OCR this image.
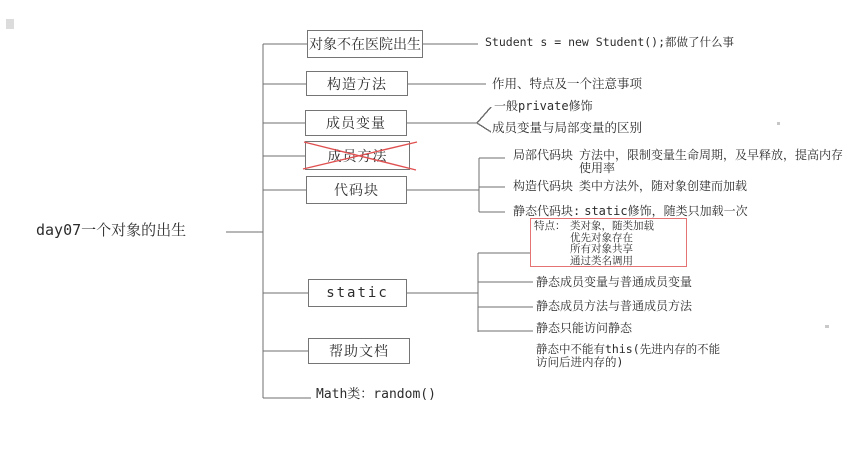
day07一个对象的出生
对象不在医院出生
构造方法
成员变量
成员方法
代码块
static
帮助文档
Student s = new Student();都做了什么事
作用、特点及一个注意事项
一般private修饰
成员变量与局部变量的区别
局部代码块 方法中，限制变量生命周期，及早释放，提高内存使用率
构造代码块 类中方法外，随对象创建而加载
静态代码块: static修饰，随类只加载一次
特点： 类对象，随类加载
优先对象存在
所有对象共享
通过类名调用
静态成员变量与普通成员变量
静态成员方法与普通成员方法
静态只能访问静态
静态中不能有this(先进内存的不能访问后进内存的)
Math类：random()
